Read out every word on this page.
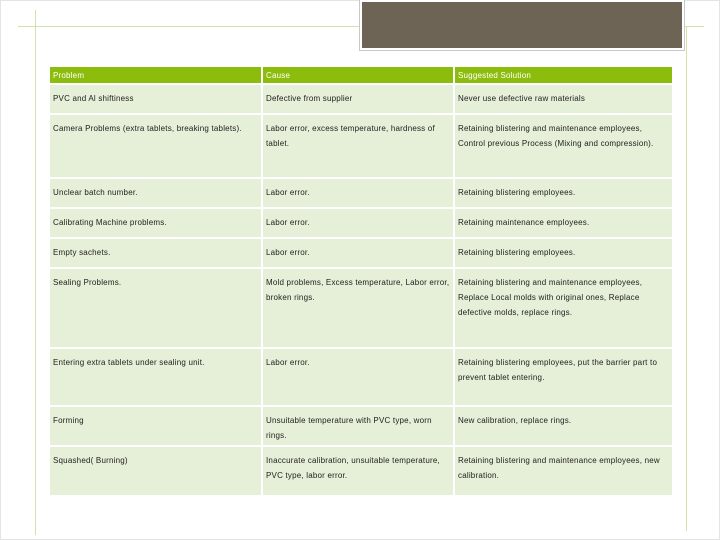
Problem	Cause	Suggested Solution
PVC and Al shiftiness	Defective from supplier	Never use defective raw materials
Camera Problems (extra tablets, breaking tablets).	Labor error, excess temperature, hardness of tablet.	Retaining blistering and maintenance employees, Control previous Process (Mixing and compression).
Unclear batch number.	Labor error.	Retaining blistering employees.
Calibrating Machine problems.	Labor error.	Retaining maintenance employees.
Empty sachets.	Labor error.	Retaining blistering employees.
Sealing Problems.	Mold problems, Excess temperature, Labor error, broken rings.	Retaining blistering and maintenance employees, Replace Local molds with original ones, Replace defective molds, replace rings.
Entering extra tablets under sealing unit.	Labor error.	Retaining blistering employees, put the barrier part to prevent tablet entering.
Forming	Unsuitable temperature with PVC type, worn rings.	New calibration, replace rings.
Squashed( Burning)	Inaccurate calibration, unsuitable temperature, PVC type, labor error.	Retaining blistering and maintenance employees, new calibration.
